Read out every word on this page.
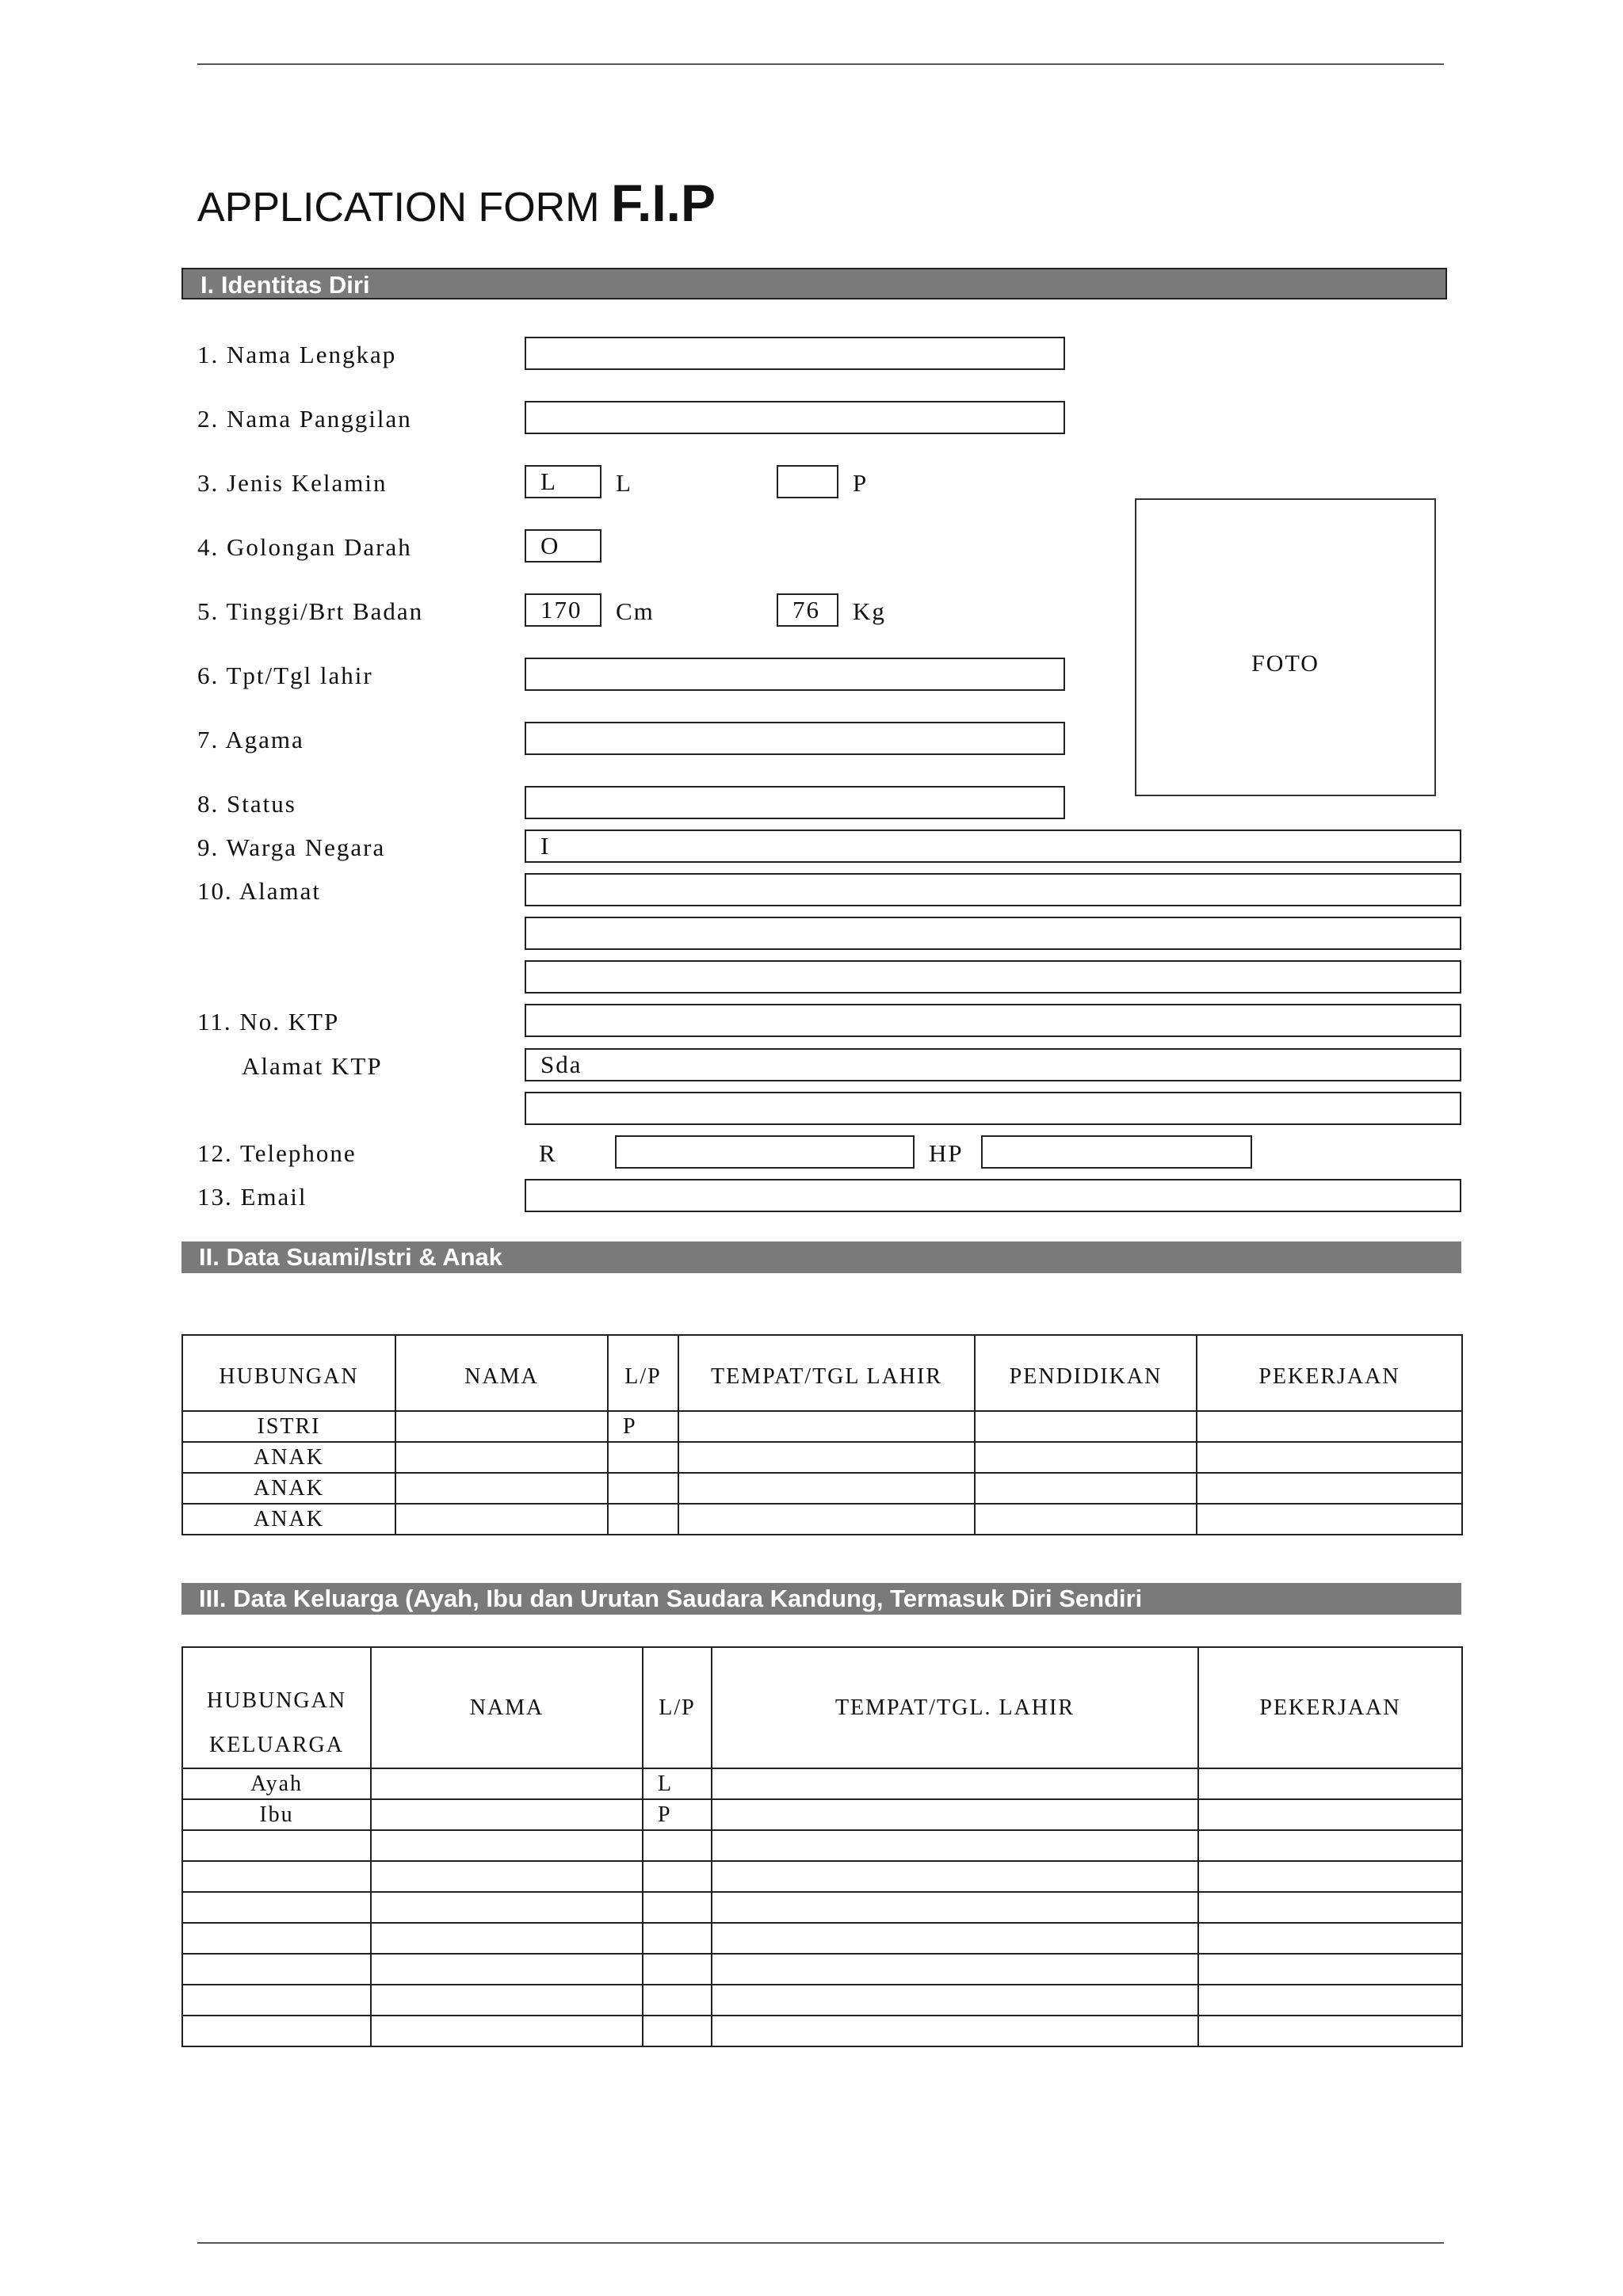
APPLICATION FORM F.I.P
I. Identitas Diri
1. Nama Lengkap
2. Nama Panggilan
3. Jenis Kelamin	L	L	P
4. Golongan Darah	O
5. Tinggi/Brt Badan	170	Cm	76	Kg
6. Tpt/Tgl lahir
7. Agama
8. Status
FOTO
9. Warga Negara	I
10. Alamat
11. No. KTP
Alamat KTP	Sda
12. Telephone	R	HP
13. Email
II. Data Suami/Istri & Anak
HUBUNGAN	NAMA	L/P	TEMPAT/TGL LAHIR	PENDIDIKAN	PEKERJAAN
ISTRI		P			
ANAK					
ANAK					
ANAK					
III. Data Keluarga (Ayah, Ibu dan Urutan Saudara Kandung, Termasuk Diri Sendiri
HUBUNGAN KELUARGA	NAMA	L/P	TEMPAT/TGL. LAHIR	PEKERJAAN
Ayah		L		
Ibu		P		
